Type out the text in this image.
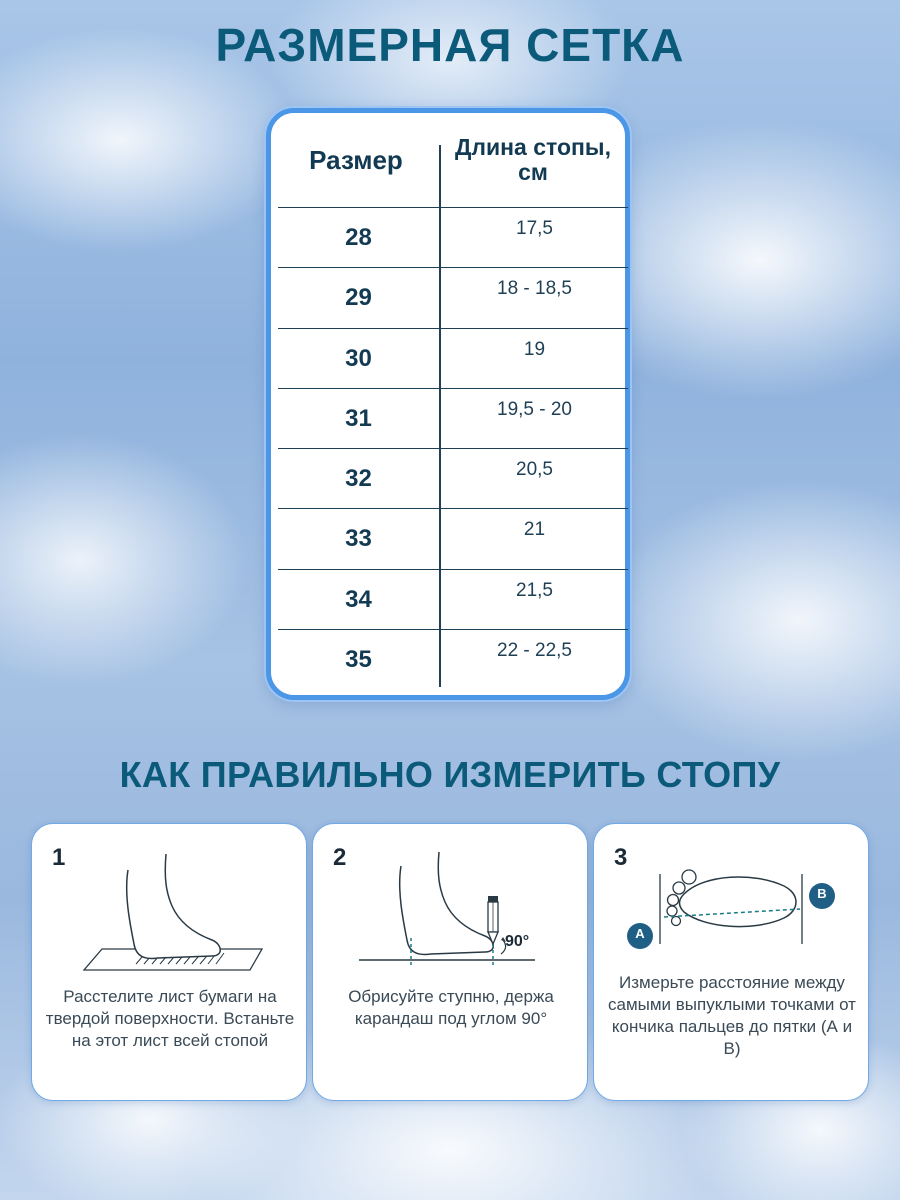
РАЗМЕРНАЯ СЕТКА
Размер	Длина стопы, см
28	17,5
29	18 - 18,5
30	19
31	19,5 - 20
32	20,5
33	21
34	21,5
35	22 - 22,5
КАК ПРАВИЛЬНО ИЗМЕРИТЬ СТОПУ
1
Расстелите лист бумаги на твердой поверхности. Встаньте на этот лист всей стопой
2
90°
Обрисуйте ступню, держа карандаш под углом 90°
3
A
B
Измерьте расстояние между самыми выпуклыми точками от кончика пальцев до пятки (А и В)
